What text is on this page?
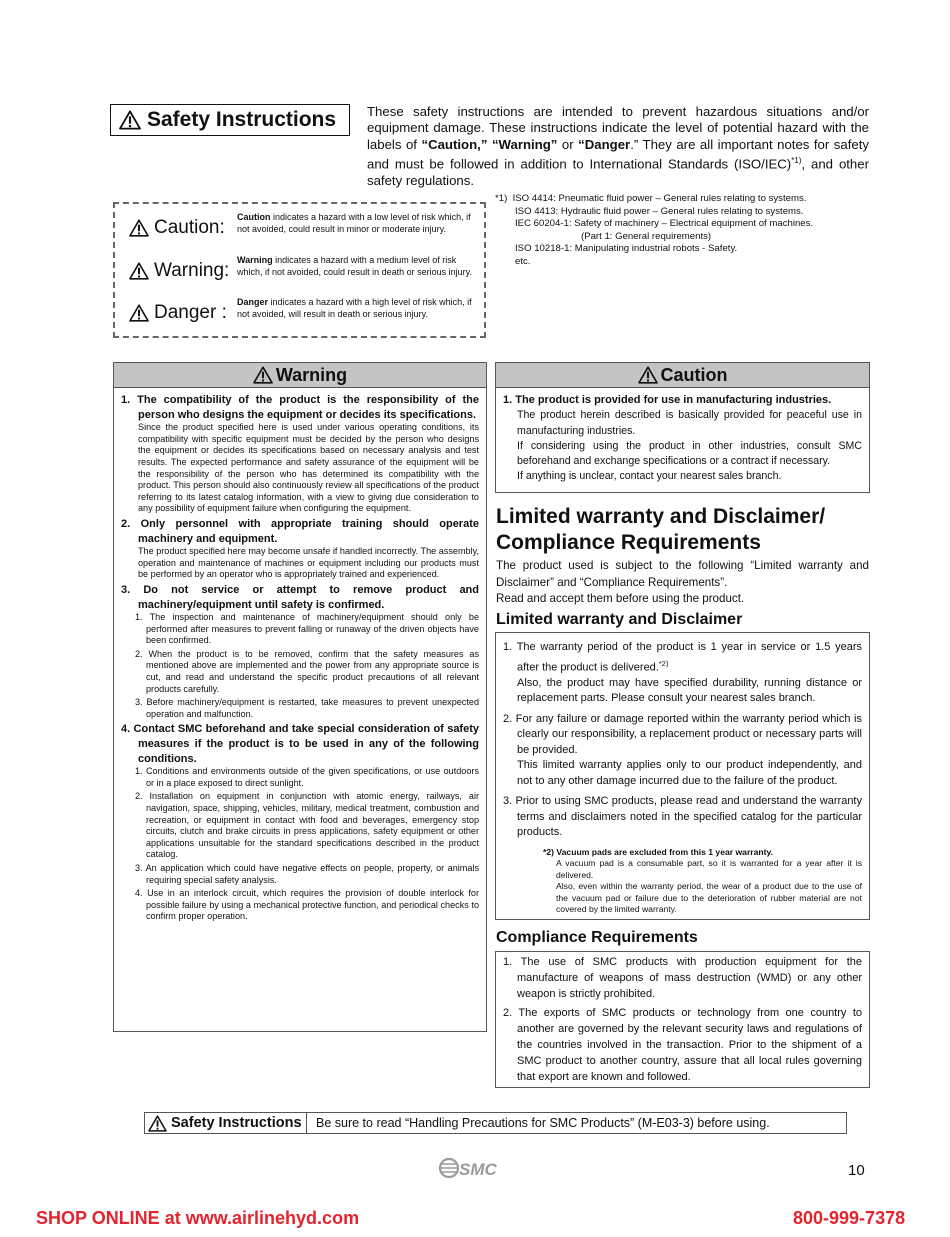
Safety Instructions These safety instructions are intended to prevent hazardous situations and/or equipment damage. These instructions indicate the level of potential hazard with the labels of “Caution,” “Warning” or “Danger.” They are all important notes for safety and must be followed in addition to International Standards $(ISO/IEC)^{*1)}$, and other safety regulations.
Caution: Caution indicates a hazard with a low level of risk which, if not avoided, could result in minor or moderate injury.
Warning: Warning indicates a hazard with a medium level of risk which, if not avoided, could result in death or serious injury.
Danger : Danger indicates a hazard with a high level of risk which, if not avoided, will result in death or serious injury.
*1) ISO 4414: Pneumatic fluid power – General rules relating to systems.
ISO 4413: Hydraulic fluid power – General rules relating to systems.
IEC 60204-1: Safety of machinery – Electrical equipment of machines.
(Part 1: General requirements)
ISO 10218-1: Manipulating industrial robots - Safety.
etc.
Warning
1. The compatibility of the product is the responsibility of the person who designs the equipment or decides its specifications.
Since the product specified here is used under various operating conditions, its compatibility with specific equipment must be decided by the person who designs the equipment or decides its specifications based on necessary analysis and test results. The expected performance and safety assurance of the equipment will be the responsibility of the person who has determined its compatibility with the product. This person should also continuously review all specifications of the product referring to its latest catalog information, with a view to giving due consideration to any possibility of equipment failure when configuring the equipment.
2. Only personnel with appropriate training should operate machinery and equipment.
The product specified here may become unsafe if handled incorrectly. The assembly, operation and maintenance of machines or equipment including our products must be performed by an operator who is appropriately trained and experienced.
3. Do not service or attempt to remove product and machinery/equipment until safety is confirmed.
1. The inspection and maintenance of machinery/equipment should only be performed after measures to prevent falling or runaway of the driven objects have been confirmed.
2. When the product is to be removed, confirm that the safety measures as mentioned above are implemented and the power from any appropriate source is cut, and read and understand the specific product precautions of all relevant products carefully.
3. Before machinery/equipment is restarted, take measures to prevent unexpected operation and malfunction.
4. Contact SMC beforehand and take special consideration of safety measures if the product is to be used in any of the following conditions.
1. Conditions and environments outside of the given specifications, or use outdoors or in a place exposed to direct sunlight.
2. Installation on equipment in conjunction with atomic energy, railways, air navigation, space, shipping, vehicles, military, medical treatment, combustion and recreation, or equipment in contact with food and beverages, emergency stop circuits, clutch and brake circuits in press applications, safety equipment or other applications unsuitable for the standard specifications described in the product catalog.
3. An application which could have negative effects on people, property, or animals requiring special safety analysis.
4. Use in an interlock circuit, which requires the provision of double interlock for possible failure by using a mechanical protective function, and periodical checks to confirm proper operation.
Caution
1. The product is provided for use in manufacturing industries.
The product herein described is basically provided for peaceful use in manufacturing industries.
If considering using the product in other industries, consult SMC beforehand and exchange specifications or a contract if necessary.
If anything is unclear, contact your nearest sales branch.
Limited warranty and Disclaimer/ Compliance Requirements
The product used is subject to the following “Limited warranty and Disclaimer” and “Compliance Requirements”.
Read and accept them before using the product.
Limited warranty and Disclaimer
1. The warranty period of the product is 1 year in service or 1.5 years after the product is delivered.$^{*2)}$
Also, the product may have specified durability, running distance or replacement parts. Please consult your nearest sales branch.
2. For any failure or damage reported within the warranty period which is clearly our responsibility, a replacement product or necessary parts will be provided.
This limited warranty applies only to our product independently, and not to any other damage incurred due to the failure of the product.
3. Prior to using SMC products, please read and understand the warranty terms and disclaimers noted in the specified catalog for the particular products.
*2) Vacuum pads are excluded from this 1 year warranty.
A vacuum pad is a consumable part, so it is warranted for a year after it is delivered.
Also, even within the warranty period, the wear of a product due to the use of the vacuum pad or failure due to the deterioration of rubber material are not covered by the limited warranty.
Compliance Requirements
1. The use of SMC products with production equipment for the manufacture of weapons of mass destruction (WMD) or any other weapon is strictly prohibited.
2. The exports of SMC products or technology from one country to another are governed by the relevant security laws and regulations of the countries involved in the transaction. Prior to the shipment of a SMC product to another country, assure that all local rules governing that export are known and followed.
Safety Instructions	Be sure to read “Handling Precautions for SMC Products” (M-E03-3) before using.
SMC	10
SHOP ONLINE at www.airlinehyd.com	800-999-7378
